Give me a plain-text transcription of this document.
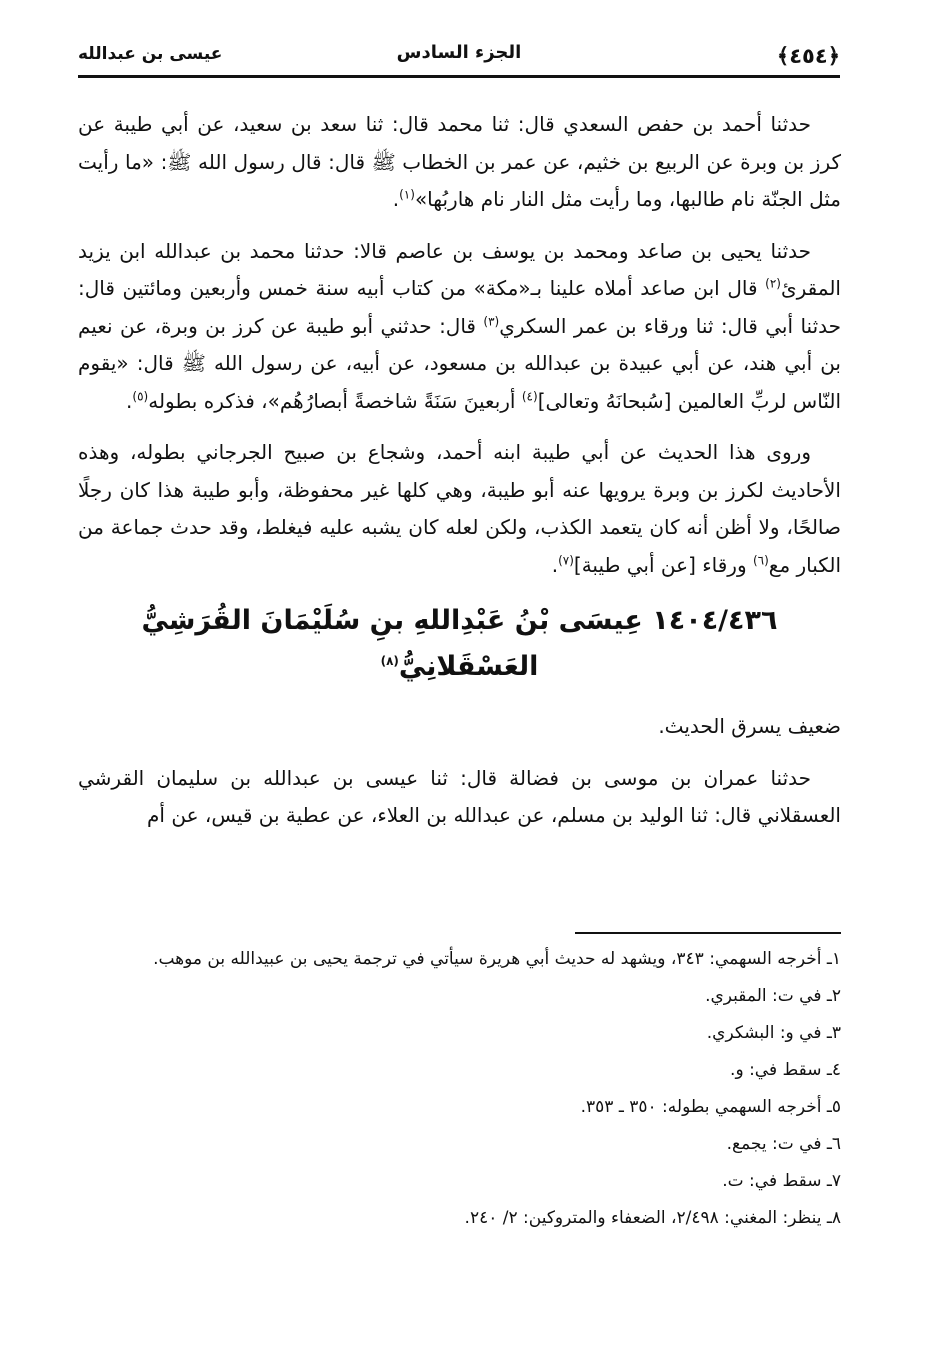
﴿٤٥٤﴾
الجزء السادس
عيسى بن عبدالله

حدثنا أحمد بن حفص السعدي قال: ثنا محمد قال: ثنا سعد بن سعيد، عن أبي طيبة عن كرز بن وبرة عن الربيع بن خثيم، عن عمر بن الخطاب ﷺ قال: قال رسول الله ﷺ: «ما رأيت مثل الجنّة نام طالبها، وما رأيت مثل النار نام هاربُها»$^{(١)}$.

حدثنا يحيى بن صاعد ومحمد بن يوسف بن عاصم قالا: حدثنا محمد بن عبدالله ابن يزيد المقرئ$^{(٢)}$ قال ابن صاعد أملاه علينا بـ«مكة» من كتاب أبيه سنة خمس وأربعين ومائتين قال: حدثنا أبي قال: ثنا ورقاء بن عمر السكري$^{(٣)}$ قال: حدثني أبو طيبة عن كرز بن وبرة، عن نعيم بن أبي هند، عن أبي عبيدة بن عبدالله بن مسعود، عن أبيه، عن رسول الله ﷺ قال: «يقوم النّاس لربِّ العالمين [سُبحانَهُ وتعالى]$^{(٤)}$ أربعينَ سَنَةً شاخصةً أبصارُهُم»، فذكره بطوله$^{(٥)}$.

وروى هذا الحديث عن أبي طيبة ابنه أحمد، وشجاع بن صبيح الجرجاني بطوله، وهذه الأحاديث لكرز بن وبرة يرويها عنه أبو طيبة، وهي كلها غير محفوظة، وأبو طيبة هذا كان رجلًا صالحًا، ولا أظن أنه كان يتعمد الكذب، ولكن لعله كان يشبه عليه فيغلط، وقد حدث جماعة من الكبار مع$^{(٦)}$ ورقاء [عن أبي طيبة]$^{(٧)}$.

١٤٠٤/٤٣٦ عِيسَى بْنُ عَبْدِاللهِ بنِ سُلَيْمَانَ القُرَشِيُّ العَسْقَلانِيُّ$^{(٨)}$

ضعيف يسرق الحديث.

حدثنا عمران بن موسى بن فضالة قال: ثنا عيسى بن عبدالله بن سليمان القرشي العسقلاني قال: ثنا الوليد بن مسلم، عن عبدالله بن العلاء، عن عطية بن قيس، عن أم

١ـ أخرجه السهمي: ٣٤٣، ويشهد له حديث أبي هريرة سيأتي في ترجمة يحيى بن عبيدالله بن موهب.
٢ـ في ت: المقبري.
٣ـ في و: البشكري.
٤ـ سقط في: و.
٥ـ أخرجه السهمي بطوله: ٣٥٠ ـ ٣٥٣.
٦ـ في ت: يجمع.
٧ـ سقط في: ت.
٨ـ ينظر: المغني: ٢/٤٩٨، الضعفاء والمتروكين: ٢/ ٢٤٠.
